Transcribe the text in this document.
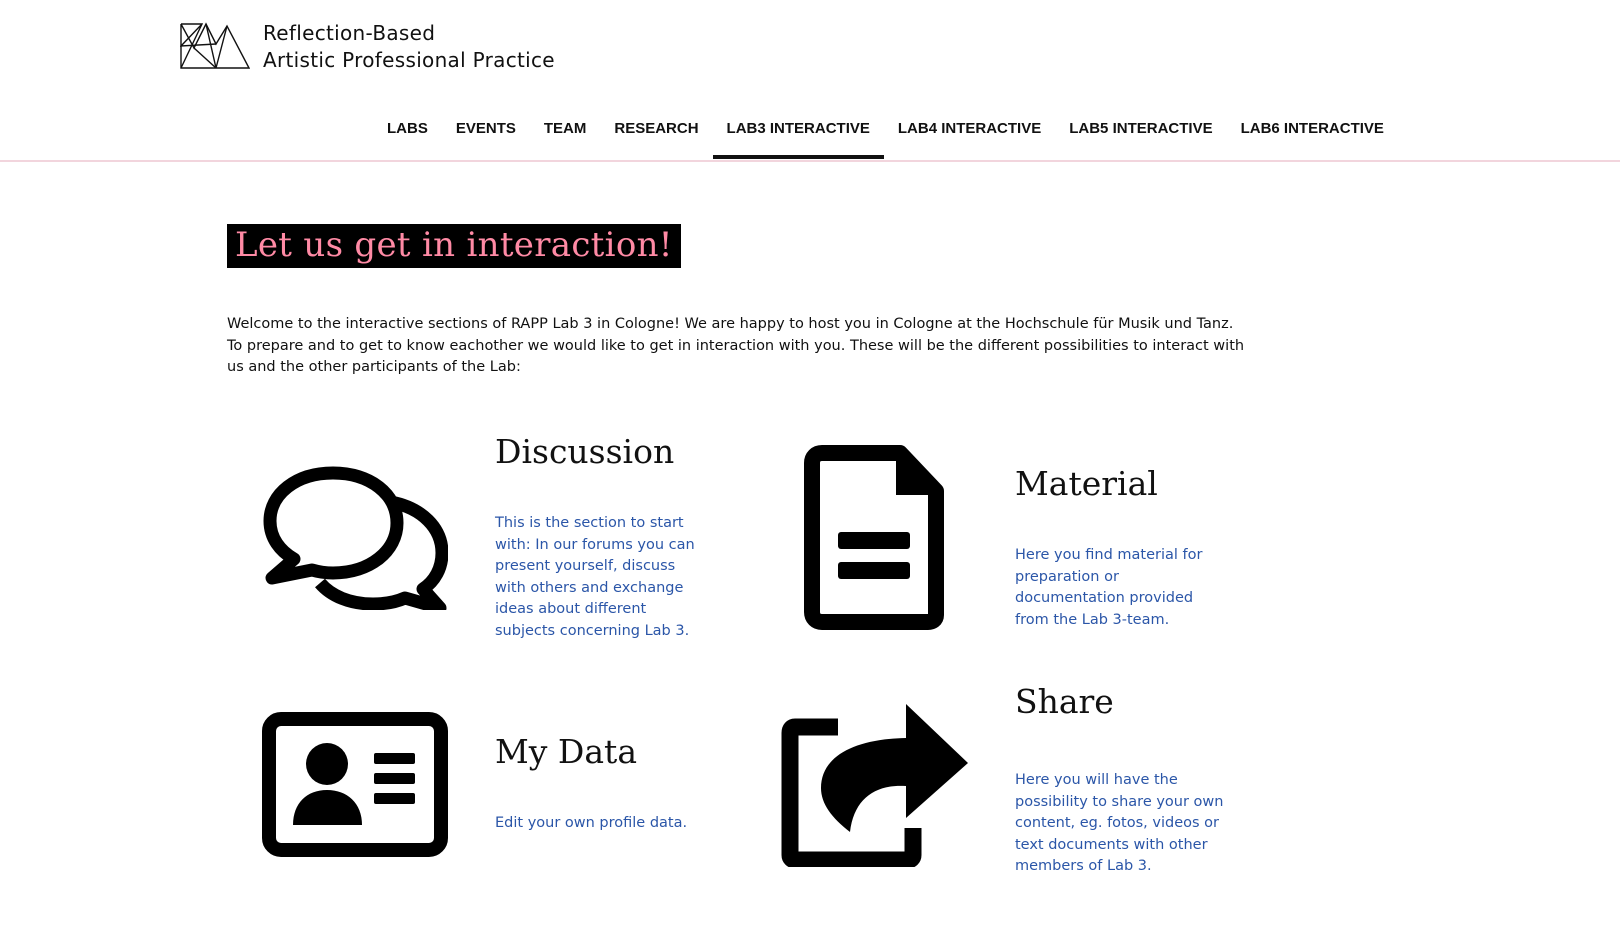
Reflection-Based
Artistic Professional Practice
LABS	EVENTS	TEAM	RESEARCH	LAB3 INTERACTIVE	LAB4 INTERACTIVE	LAB5 INTERACTIVE	LAB6 INTERACTIVE
Let us get in interaction!

Welcome to the interactive sections of RAPP Lab 3 in Cologne! We are happy to host you in Cologne at the Hochschule für Musik und Tanz. To prepare and to get to know eachother we would like to get in interaction with you. These will be the different possibilities to interact with us and the other participants of the Lab:

Discussion

This is the section to start with: In our forums you can present yourself, discuss with others and exchange ideas about different subjects concerning Lab 3.

Material

Here you find material for preparation or documentation provided from the Lab 3-team.

My Data

Edit your own profile data.

Share

Here you will have the possibility to share your own content, eg. fotos, videos or text documents with other members of Lab 3.
